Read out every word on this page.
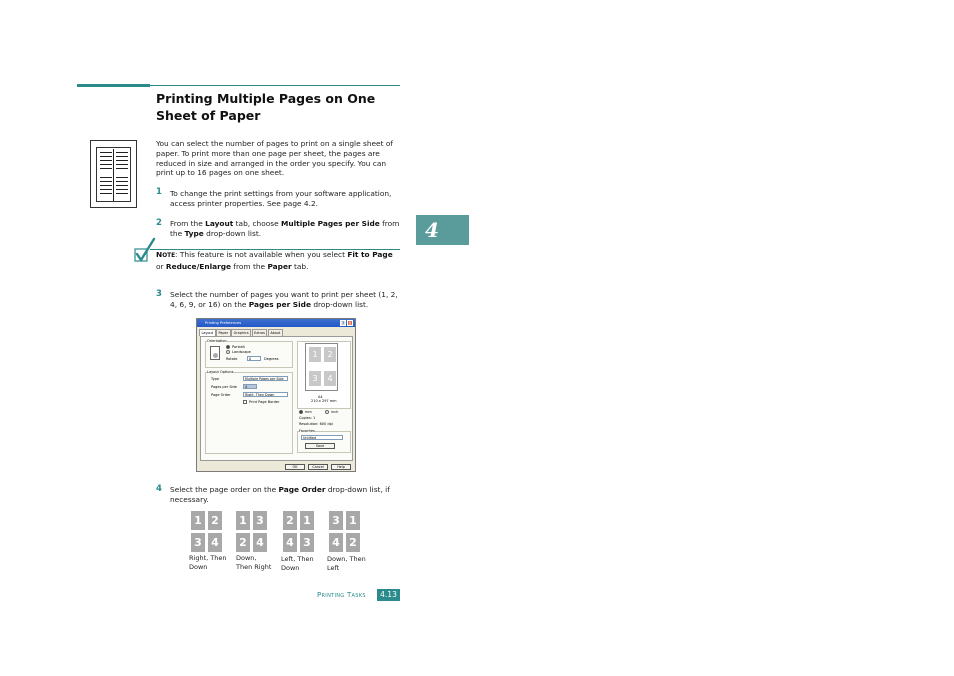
Printing Multiple Pages on One Sheet of Paper
4
You can select the number of pages to print on a single sheet of paper. To print more than one page per sheet, the pages are reduced in size and arranged in the order you specify. You can print up to 16 pages on one sheet.
1 To change the print settings from your software application, access printer properties. See page 4.2.
2 From the Layout tab, choose Multiple Pages per Side from the Type drop-down list.
NOTE: This feature is not available when you select Fit to Page or Reduce/Enlarge from the Paper tab.
3 Select the number of pages you want to print per sheet (1, 2, 4, 6, 9, or 16) on the Pages per Side drop-down list.
Printing Preferences	?	X
Layout	Paper	Graphics	Extras	About
Orientation
Portrait
Landscape
Rotate	0	Degrees
Layout Options
Type	Multiple Pages per Side
Pages per Side	4
Page Order	Right, Then Down
Print Page Border
A4
210 x 297 mm
mm	inch
Copies: 1
Resolution: 600 dpi
Favorites
Untitled
Save
OK	Cancel	Help
1	2
3	4
4 Select the page order on the Page Order drop-down list, if necessary.
1 2
3 4
Right, Then
Down
1 3
2 4
Down,
Then Right
2 1
4 3
Left, Then
Down
3 1
4 2
Down, Then
Left
Printing Tasks	4.13
